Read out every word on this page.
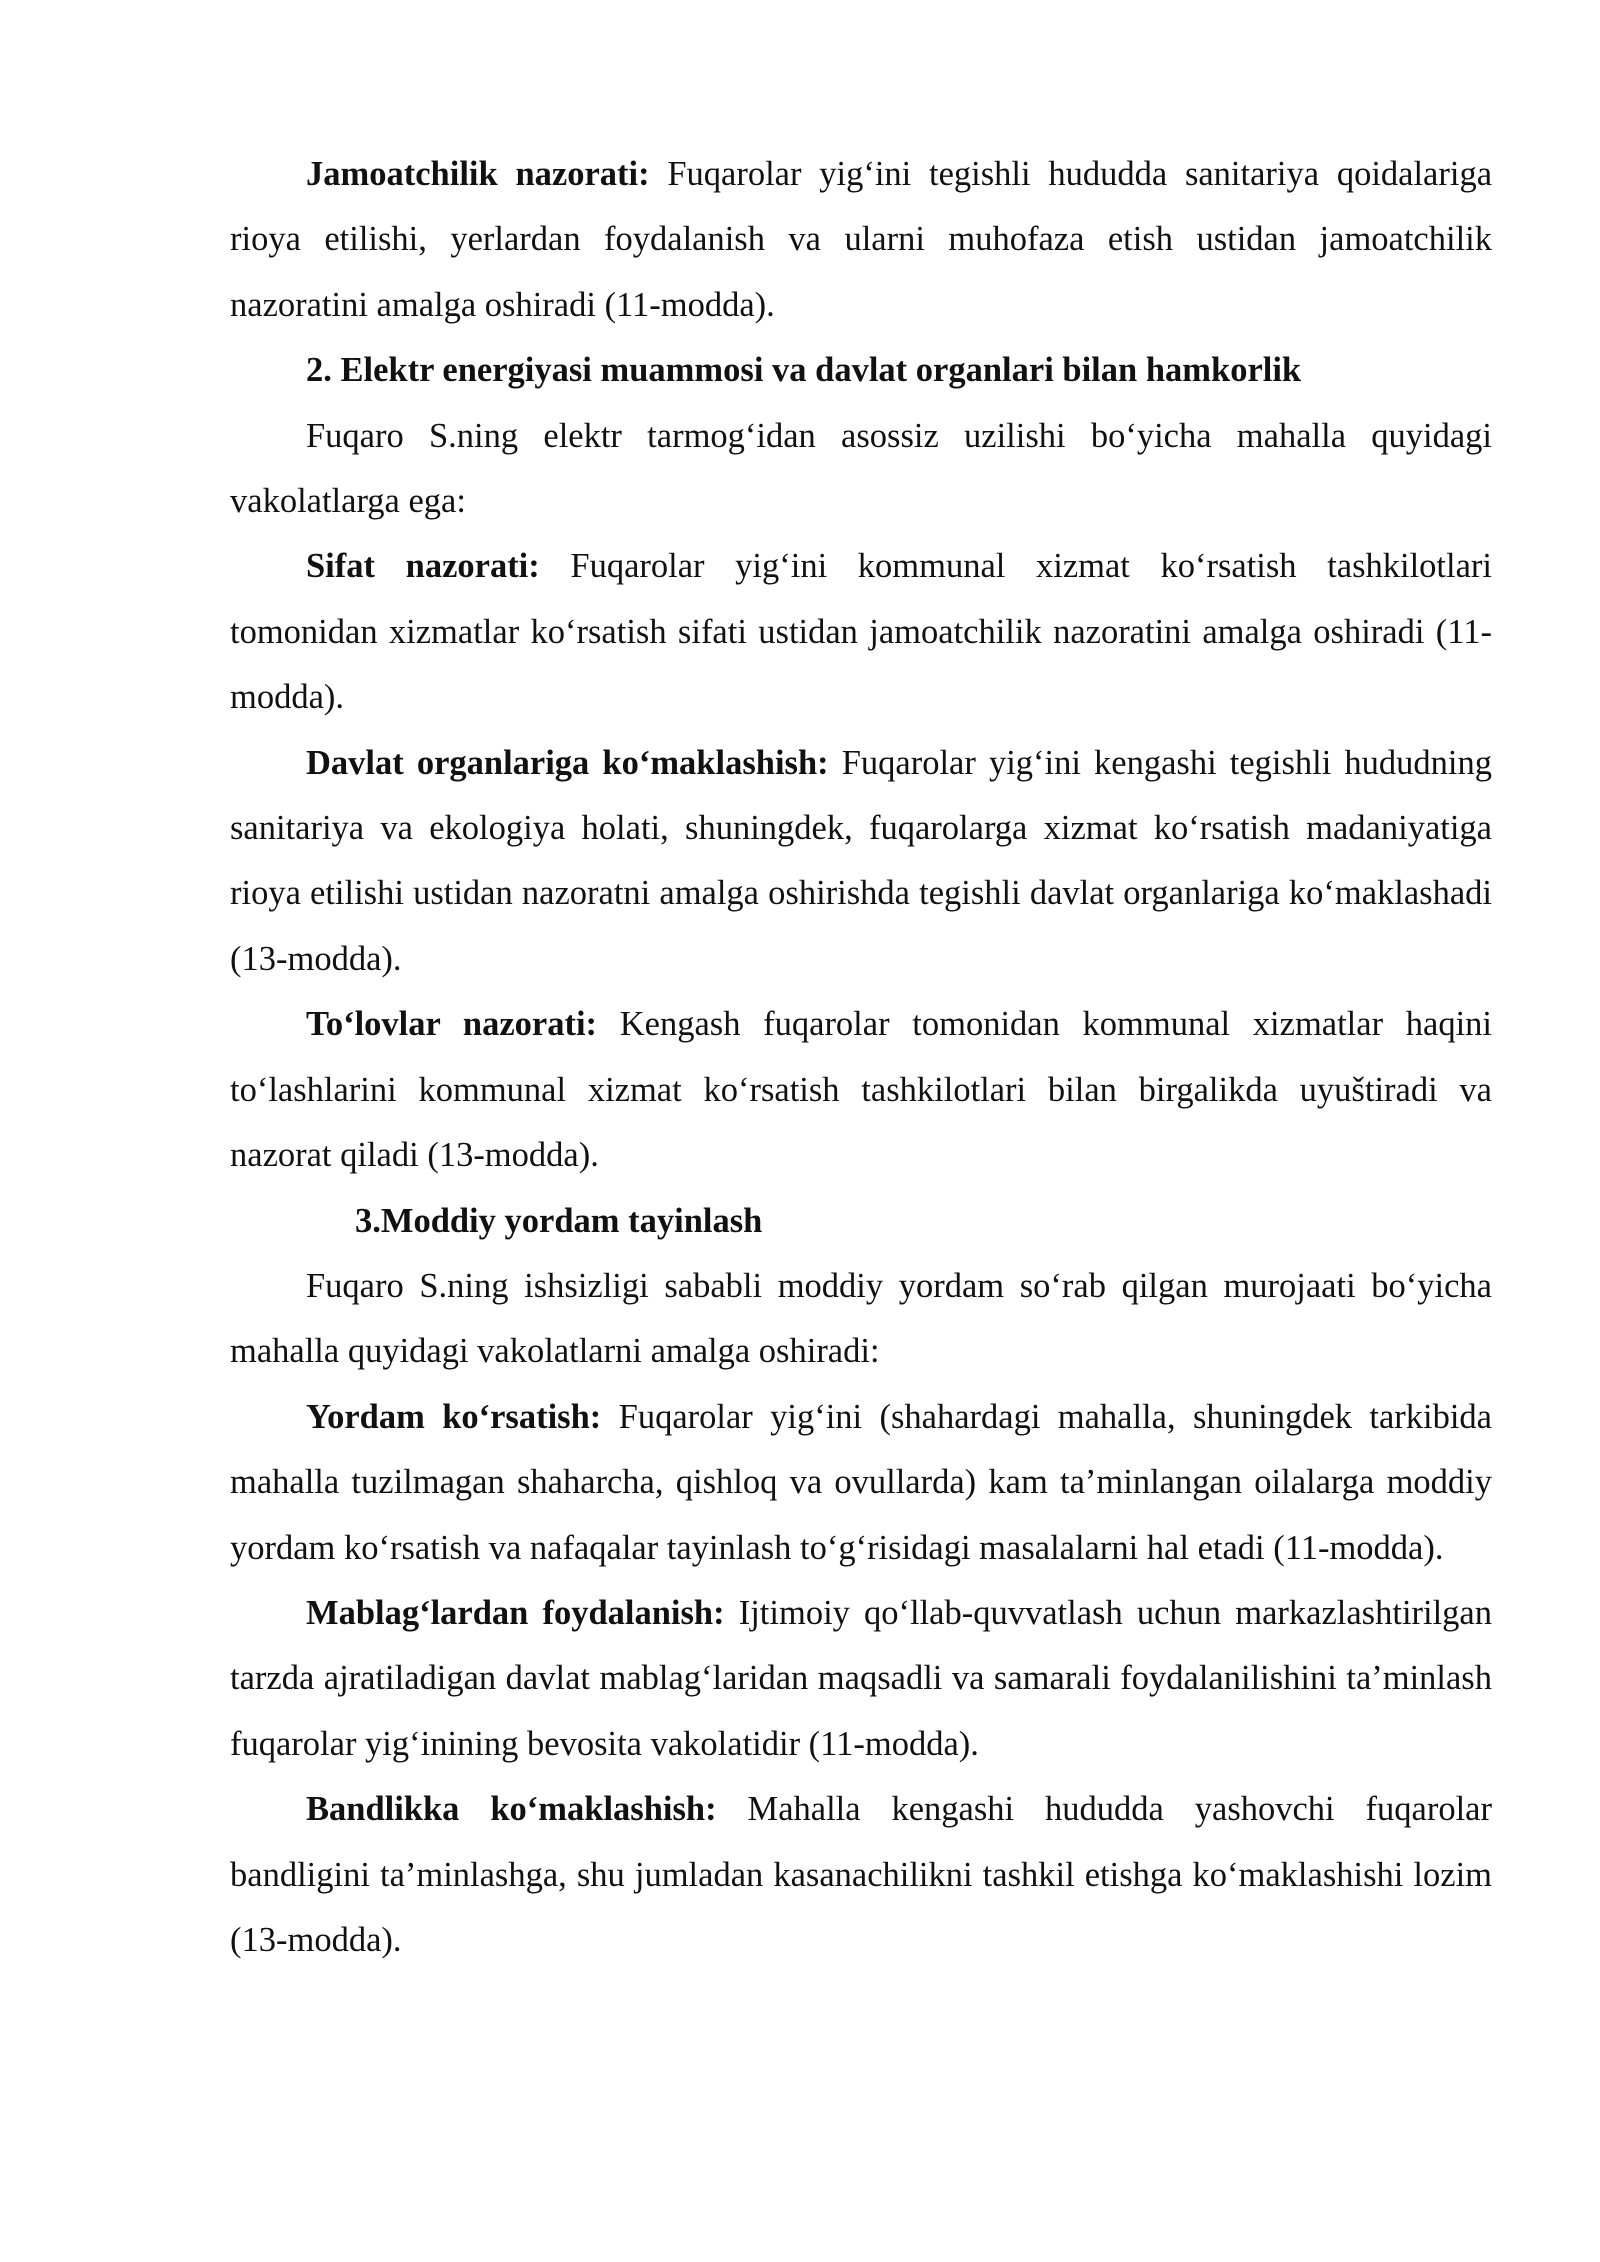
Jamoatchilik nazorati: Fuqarolar yig‘ini tegishli hududda sanitariya qoidalariga rioya etilishi, yerlardan foydalanish va ularni muhofaza etish ustidan jamoatchilik nazoratini amalga oshiradi (11-modda).

2. Elektr energiyasi muammosi va davlat organlari bilan hamkorlik

Fuqaro S.ning elektr tarmog‘idan asossiz uzilishi bo‘yicha mahalla quyidagi vakolatlarga ega:

Sifat nazorati: Fuqarolar yig‘ini kommunal xizmat ko‘rsatish tashkilotlari tomonidan xizmatlar ko‘rsatish sifati ustidan jamoatchilik nazoratini amalga oshiradi (11-modda).

Davlat organlariga ko‘maklashish: Fuqarolar yig‘ini kengashi tegishli hududning sanitariya va ekologiya holati, shuningdek, fuqarolarga xizmat ko‘rsatish madaniyatiga rioya etilishi ustidan nazoratni amalga oshirishda tegishli davlat organlariga ko‘maklashadi (13-modda).

To‘lovlar nazorati: Kengash fuqarolar tomonidan kommunal xizmatlar haqini to‘lashlarini kommunal xizmat ko‘rsatish tashkilotlari bilan birgalikda uyuštiradi va nazorat qiladi (13-modda).

3.Moddiy yordam tayinlash

Fuqaro S.ning ishsizligi sababli moddiy yordam so‘rab qilgan murojaati bo‘yicha     mahalla quyidagi vakolatlarni amalga oshiradi:

Yordam ko‘rsatish: Fuqarolar yig‘ini (shahardagi mahalla, shuningdek tarkibida mahalla tuzilmagan shaharcha, qishloq va ovullarda) kam ta’minlangan oilalarga moddiy yordam ko‘rsatish va nafaqalar tayinlash to‘g‘risidagi masalalarni hal etadi (11-modda).

Mablag‘lardan foydalanish: Ijtimoiy qo‘llab-quvvatlash uchun markazlashtirilgan tarzda ajratiladigan davlat mablag‘laridan maqsadli va samarali foydalanilishini ta’minlash fuqarolar yig‘inining bevosita vakolatidir (11-modda).

Bandlikka ko‘maklashish: Mahalla kengashi hududda yashovchi fuqarolar bandligini ta’minlashga, shu jumladan kasanachilikni tashkil etishga ko‘maklashishi lozim (13-modda).
